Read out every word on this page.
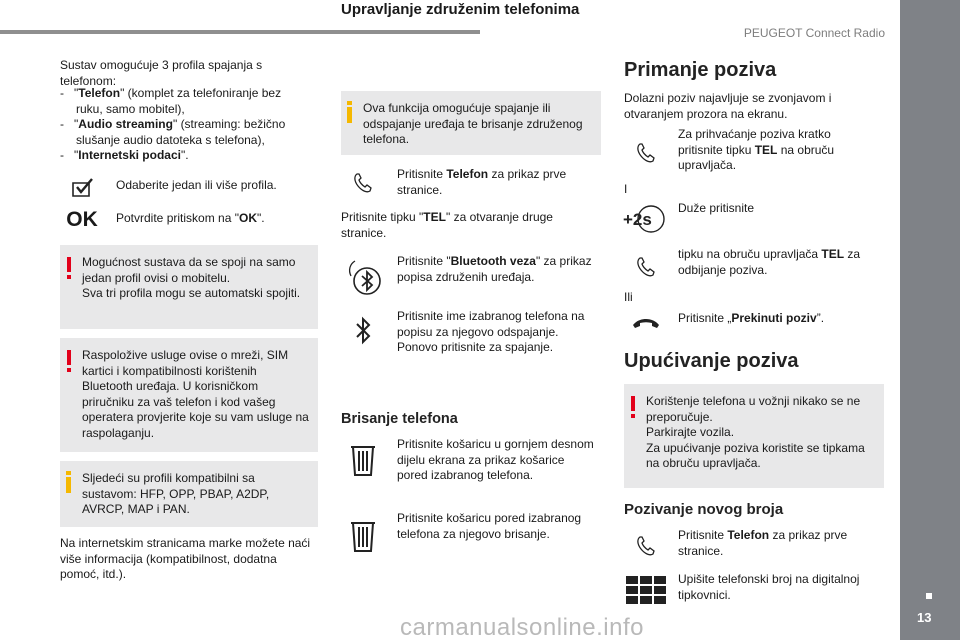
PEUGEOT Connect Radio
13
Sustav omogućuje 3 profila spajanja s telefonom:
- "Telefon" (komplet za telefoniranje bez ruku, samo mobitel),
- "Audio streaming" (streaming: bežično slušanje audio datoteka s telefona),
- "Internetski podaci".
Odaberite jedan ili više profila.
OK	Potvrdite pritiskom na "OK".
Mogućnost sustava da se spoji na samo jedan profil ovisi o mobitelu.
Sva tri profila mogu se automatski spojiti.
Raspoložive usluge ovise o mreži, SIM kartici i kompatibilnosti korištenih Bluetooth uređaja. U korisničkom priručniku za vaš telefon i kod vašeg operatera provjerite koje su vam usluge na raspolaganju.
Sljedeći su profili kompatibilni sa sustavom: HFP, OPP, PBAP, A2DP, AVRCP, MAP i PAN.
Na internetskim stranicama marke možete naći više informacija (kompatibilnost, dodatna pomoć, itd.).
Upravljanje združenim telefonima
Ova funkcija omogućuje spajanje ili odspajanje uređaja te brisanje združenog telefona.
Pritisnite Telefon za prikaz prve stranice.
Pritisnite tipku "TEL" za otvaranje druge stranice.
Pritisnite "Bluetooth veza" za prikaz popisa združenih uređaja.
Pritisnite ime izabranog telefona na popisu za njegovo odspajanje. Ponovo pritisnite za spajanje.
Brisanje telefona
Pritisnite košaricu u gornjem desnom dijelu ekrana za prikaz košarice pored izabranog telefona.
Pritisnite košaricu pored izabranog telefona za njegovo brisanje.
Primanje poziva
Dolazni poziv najavljuje se zvonjavom i otvaranjem prozora na ekranu.
Za prihvaćanje poziva kratko pritisnite tipku TEL na obruču upravljača.
I
+2s
Duže pritisnite
tipku na obruču upravljača TEL za odbijanje poziva.
Ili
Pritisnite „Prekinuti poziv”.
Upućivanje poziva
Korištenje telefona u vožnji nikako se ne preporučuje.
Parkirajte vozila.
Za upućivanje poziva koristite se tipkama na obruču upravljača.
Pozivanje novog broja
Pritisnite Telefon za prikaz prve stranice.
Upišite telefonski broj na digitalnoj tipkovnici.
carmanualsonline.info
